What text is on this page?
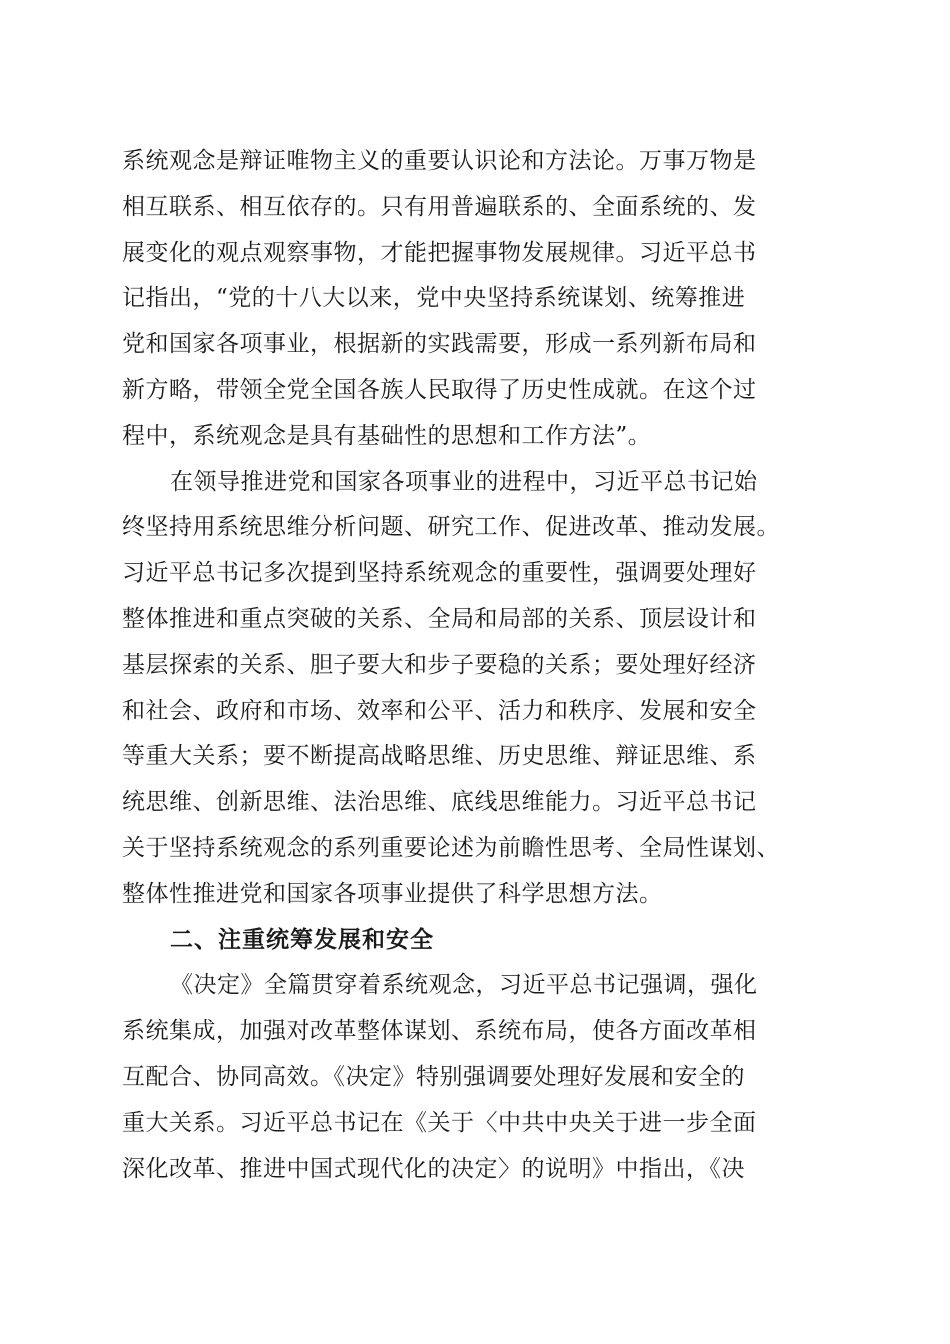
系统观念是辩证唯物主义的重要认识论和方法论。万事万物是
相互联系、相互依存的。只有用普遍联系的、全面系统的、发
展变化的观点观察事物，才能把握事物发展规律。习近平总书
记指出，“党的十八大以来，党中央坚持系统谋划、统筹推进
党和国家各项事业，根据新的实践需要，形成一系列新布局和
新方略，带领全党全国各族人民取得了历史性成就。在这个过
程中，系统观念是具有基础性的思想和工作方法”。
在领导推进党和国家各项事业的进程中，习近平总书记始
终坚持用系统思维分析问题、研究工作、促进改革、推动发展。
习近平总书记多次提到坚持系统观念的重要性，强调要处理好
整体推进和重点突破的关系、全局和局部的关系、顶层设计和
基层探索的关系、胆子要大和步子要稳的关系；要处理好经济
和社会、政府和市场、效率和公平、活力和秩序、发展和安全
等重大关系；要不断提高战略思维、历史思维、辩证思维、系
统思维、创新思维、法治思维、底线思维能力。习近平总书记
关于坚持系统观念的系列重要论述为前瞻性思考、全局性谋划、
整体性推进党和国家各项事业提供了科学思想方法。
二、注重统筹发展和安全
《决定》全篇贯穿着系统观念，习近平总书记强调，强化
系统集成，加强对改革整体谋划、系统布局，使各方面改革相
互配合、协同高效。《决定》特别强调要处理好发展和安全的
重大关系。习近平总书记在《关于〈中共中央关于进一步全面
深化改革、推进中国式现代化的决定〉的说明》中指出，《决
